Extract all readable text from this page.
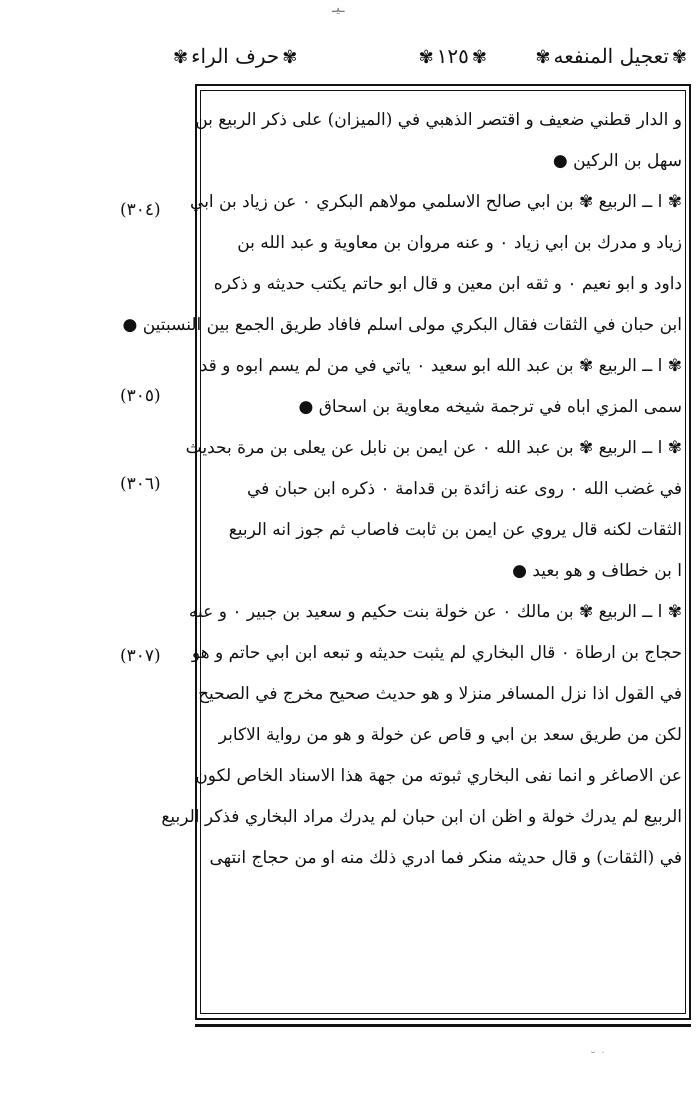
ـيـ
✾تعجيل المنفعه✾
✾١٢٥✾
✾حرف الراء✾
(٣٠٤)
(٣٠٥)
(٣٠٦)
(٣٠٧)
و الدار قطني ضعيف و اقتصر الذهبي في (الميزان) على ذكر الربيع بن
سهل بن الركين ●
✾ ا ــ الربيع ✾ بن ابي صالح الاسلمي مولاهم البكري ٠ عن زياد بن ابي
زياد و مدرك بن ابي زياد ٠ و عنه مروان بن معاوية و عبد الله بن
داود و ابو نعيم ٠ و ثقه ابن معين و قال ابو حاتم يكتب حديثه و ذكره
ابن حبان في الثقات فقال البكري مولى اسلم فافاد طريق الجمع بين النسبتين ●
✾ ا ــ الربيع ✾ بن عبد الله ابو سعيد ٠ ياتي في من لم يسم ابوه و قد
سمى المزي اباه في ترجمة شيخه معاوية بن اسحاق ●
✾ ا ــ الربيع ✾ بن عبد الله ٠ عن ايمن بن نابل عن يعلى بن مرة بحديث
في غضب الله ٠ روى عنه زائدة بن قدامة ٠ ذكره ابن حبان في
الثقات لكنه قال يروي عن ايمن بن ثابت فاصاب ثم جوز انه الربيع
ا بن خطاف و هو بعيد ●
✾ ا ــ الربيع ✾ بن مالك ٠ عن خولة بنت حكيم و سعيد بن جبير ٠ و عنه
حجاج بن ارطاة ٠ قال البخاري لم يثبت حديثه و تبعه ابن ابي حاتم و هو
في القول اذا نزل المسافر منزلا و هو حديث صحيح مخرج في الصحيح
لكن من طريق سعد بن ابي و قاص عن خولة و هو من رواية الاكابر
عن الاصاغر و انما نفى البخاري ثبوته من جهة هذا الاسناد الخاص لكون
الربيع لم يدرك خولة و اظن ان ابن حبان لم يدرك مراد البخاري فذكر الربيع
في (الثقات) و قال حديثه منكر فما ادري ذلك منه او من حجاج انتهى
˘ ˙
